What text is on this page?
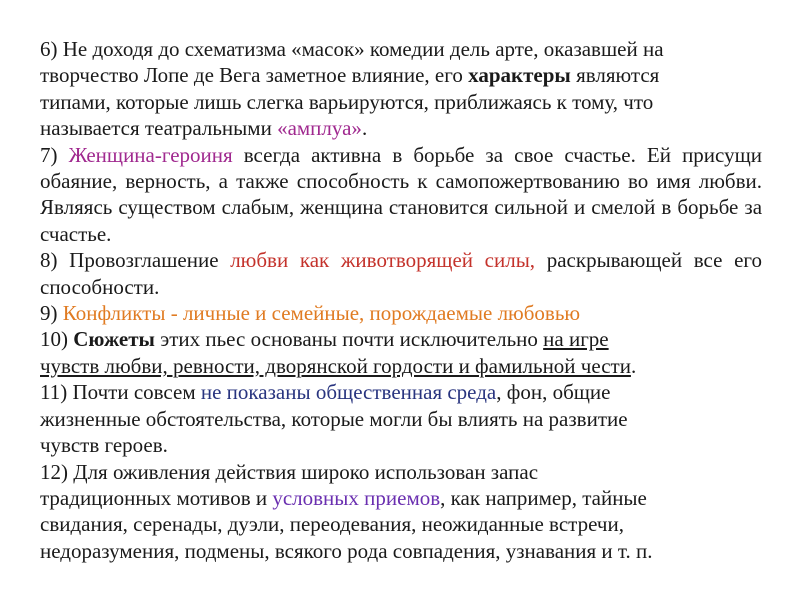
6) Не доходя до схематизма «масок» комедии дель арте, оказавшей на
творчество Лопе де Вега заметное влияние, его характеры являются
типами, которые лишь слегка варьируются, приближаясь к тому, что
называется театральными «амплуа».

7) Женщина-героиня всегда активна в борьбе за свое счастье. Ей присущи обаяние, верность, а также способность к самопожертвованию во имя любви. Являясь существом слабым, женщина становится сильной и смелой в борьбе за счастье.

8) Провозглашение любви как животворящей силы, раскрывающей все его способности.

9) Конфликты - личные и семейные, порождаемые любовью

10) Сюжеты этих пьес основаны почти исключительно на игре
чувств любви, ревности, дворянской гордости и фамильной чести.

11) Почти совсем не показаны общественная среда, фон, общие
жизненные обстоятельства, которые могли бы влиять на развитие
чувств героев.

12) Для оживления действия широко использован запас
традиционных мотивов и условных приемов, как например, тайные
свидания, серенады, дуэли, переодевания, неожиданные встречи,
недоразумения, подмены, всякого рода совпадения, узнавания и т. п.
